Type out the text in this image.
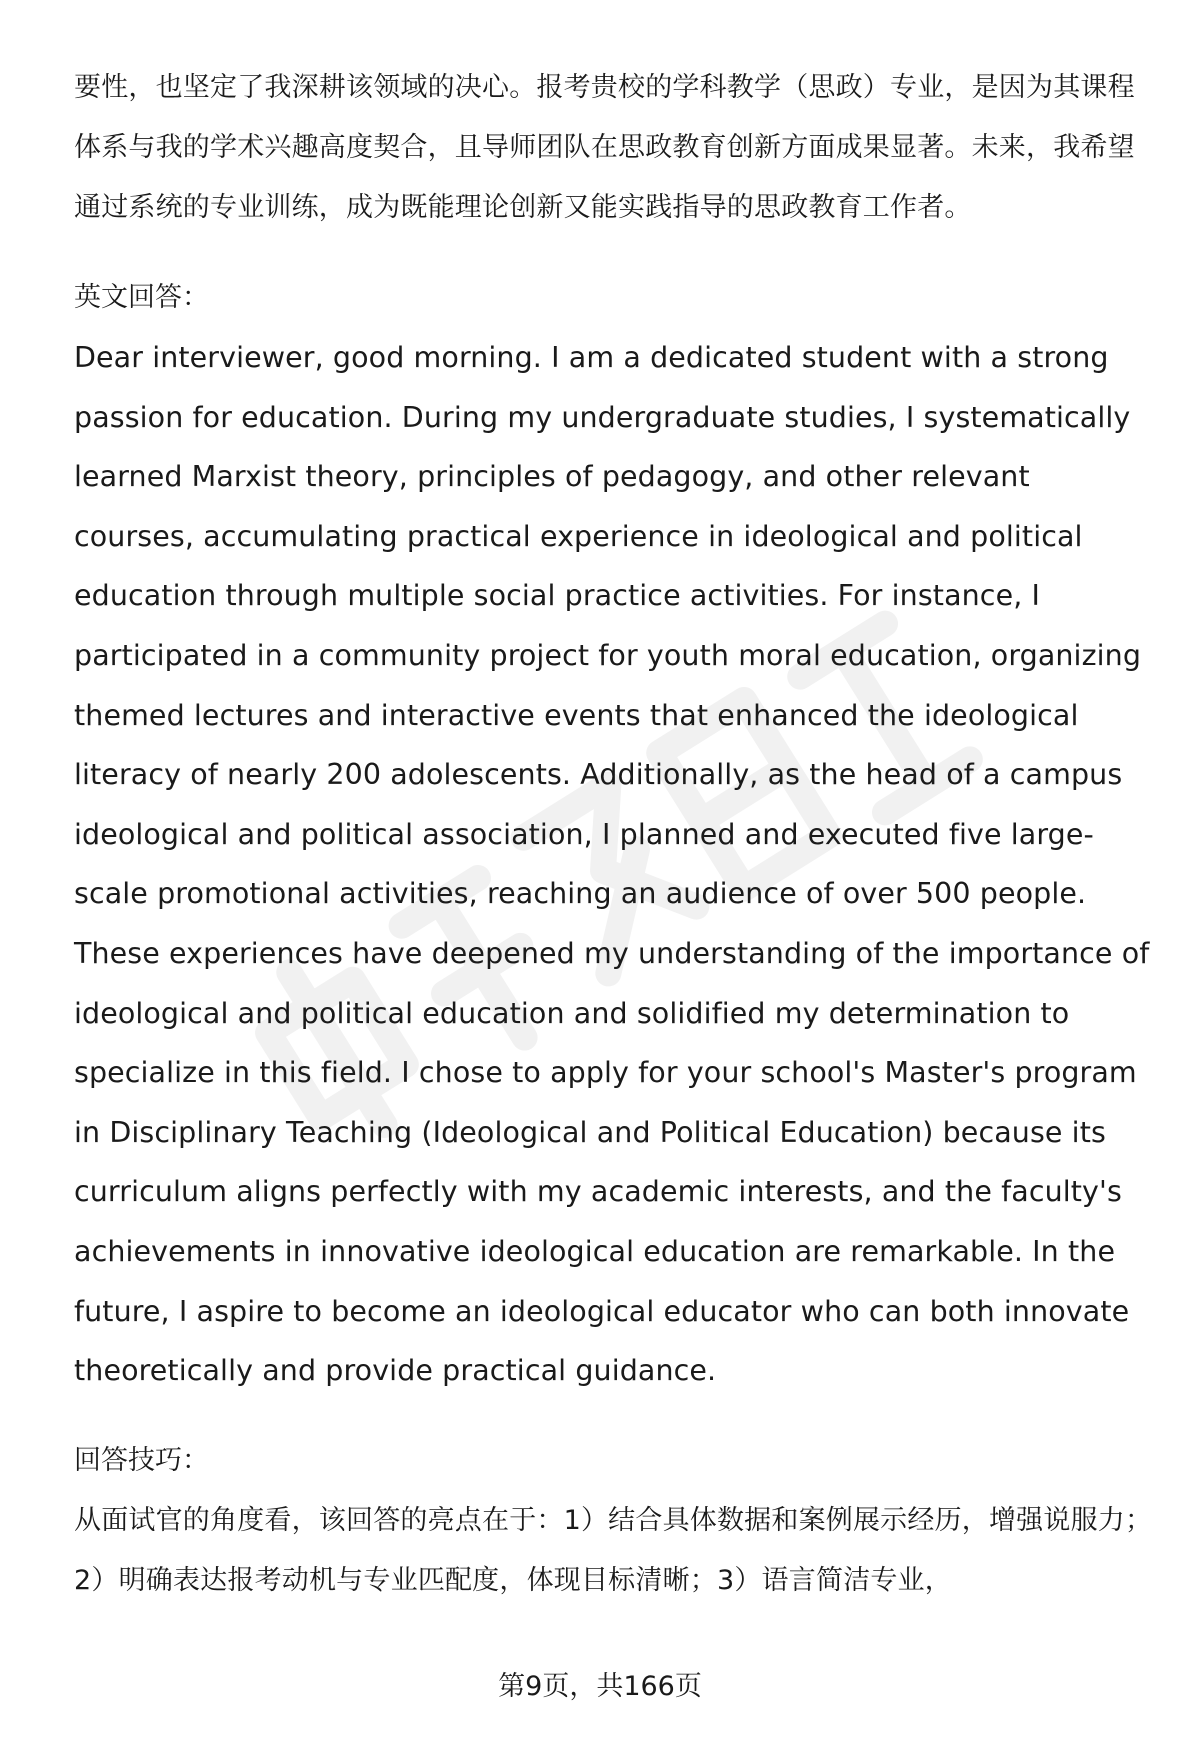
要性，也坚定了我深耕该领域的决心。报考贵校的学科教学（思政）专业，是因为其课程体系与我的学术兴趣高度契合，且导师团队在思政教育创新方面成果显著。未来，我希望通过系统的专业训练，成为既能理论创新又能实践指导的思政教育工作者。

英文回答：

Dear interviewer, good morning. I am a dedicated student with a strong passion for education. During my undergraduate studies, I systematically learned Marxist theory, principles of pedagogy, and other relevant courses, accumulating practical experience in ideological and political education through multiple social practice activities. For instance, I participated in a community project for youth moral education, organizing themed lectures and interactive events that enhanced the ideological literacy of nearly 200 adolescents. Additionally, as the head of a campus ideological and political association, I planned and executed five large-scale promotional activities, reaching an audience of over 500 people. These experiences have deepened my understanding of the importance of ideological and political education and solidified my determination to specialize in this field. I chose to apply for your school's Master's program in Disciplinary Teaching (Ideological and Political Education) because its curriculum aligns perfectly with my academic interests, and the faculty's achievements in innovative ideological education are remarkable. In the future, I aspire to become an ideological educator who can both innovate theoretically and provide practical guidance.

回答技巧：

从面试官的角度看，该回答的亮点在于：1）结合具体数据和案例展示经历，增强说服力；2）明确表达报考动机与专业匹配度，体现目标清晰；3）语言简洁专业，

第9页，共166页
